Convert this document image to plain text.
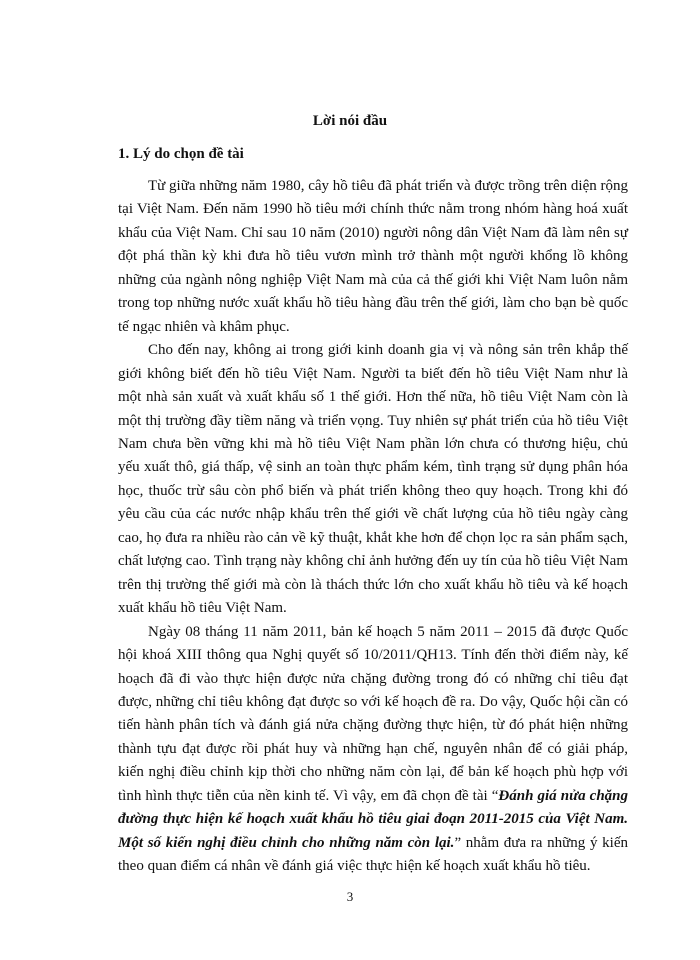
Lời nói đầu
1. Lý do chọn đề tài

Từ giữa những năm 1980, cây hồ tiêu đã phát triển và được trồng trên diện rộng tại Việt Nam. Đến năm 1990 hồ tiêu mới chính thức nằm trong nhóm hàng hoá xuất khẩu của Việt Nam. Chỉ sau 10 năm (2010) người nông dân Việt Nam đã làm nên sự đột phá thần kỳ khi đưa hồ tiêu vươn mình trở thành một người khổng lồ không những của ngành nông nghiệp Việt Nam mà của cả thế giới khi Việt Nam luôn nằm trong top những nước xuất khẩu hồ tiêu hàng đầu trên thế giới, làm cho bạn bè quốc tế ngạc nhiên và khâm phục.

Cho đến nay, không ai trong giới kinh doanh gia vị và nông sản trên khắp thế giới không biết đến hồ tiêu Việt Nam. Người ta biết đến hồ tiêu Việt Nam như là một nhà sản xuất và xuất khẩu số 1 thế giới. Hơn thế nữa, hồ tiêu Việt Nam còn là một thị trường đầy tiềm năng và triển vọng. Tuy nhiên sự phát triển của hồ tiêu Việt Nam chưa bền vững khi mà hồ tiêu Việt Nam phần lớn chưa có thương hiệu, chủ yếu xuất thô, giá thấp, vệ sinh an toàn thực phẩm kém, tình trạng sử dụng phân hóa học, thuốc trừ sâu còn phổ biến và phát triển không theo quy hoạch. Trong khi đó yêu cầu của các nước nhập khẩu trên thế giới về chất lượng của hồ tiêu ngày càng cao, họ đưa ra nhiều rào cản về kỹ thuật, khắt khe hơn để chọn lọc ra sản phẩm sạch, chất lượng cao. Tình trạng này không chỉ ảnh hưởng đến uy tín của hồ tiêu Việt Nam trên thị trường thế giới mà còn là thách thức lớn cho xuất khẩu hồ tiêu và kế hoạch xuất khẩu hồ tiêu Việt Nam.

Ngày 08 tháng 11 năm 2011, bản kế hoạch 5 năm 2011 – 2015 đã được Quốc hội khoá XIII thông qua Nghị quyết số 10/2011/QH13. Tính đến thời điểm này, kế hoạch đã đi vào thực hiện được nửa chặng đường trong đó có những chỉ tiêu đạt được, những chỉ tiêu không đạt được so với kế hoạch đề ra. Do vậy, Quốc hội cần có tiến hành phân tích và đánh giá nửa chặng đường thực hiện, từ đó phát hiện những thành tựu đạt được rồi phát huy và những hạn chế, nguyên nhân để có giải pháp, kiến nghị điều chỉnh kịp thời cho những năm còn lại, để bản kế hoạch phù hợp với tình hình thực tiễn của nền kinh tế. Vì vậy, em đã chọn đề tài “Đánh giá nửa chặng đường thực hiện kế hoạch xuất khẩu hồ tiêu giai đoạn 2011-2015 của Việt Nam. Một số kiến nghị điều chỉnh cho những năm còn lại.” nhằm đưa ra những ý kiến theo quan điểm cá nhân về đánh giá việc thực hiện kế hoạch xuất khẩu hồ tiêu.

3
